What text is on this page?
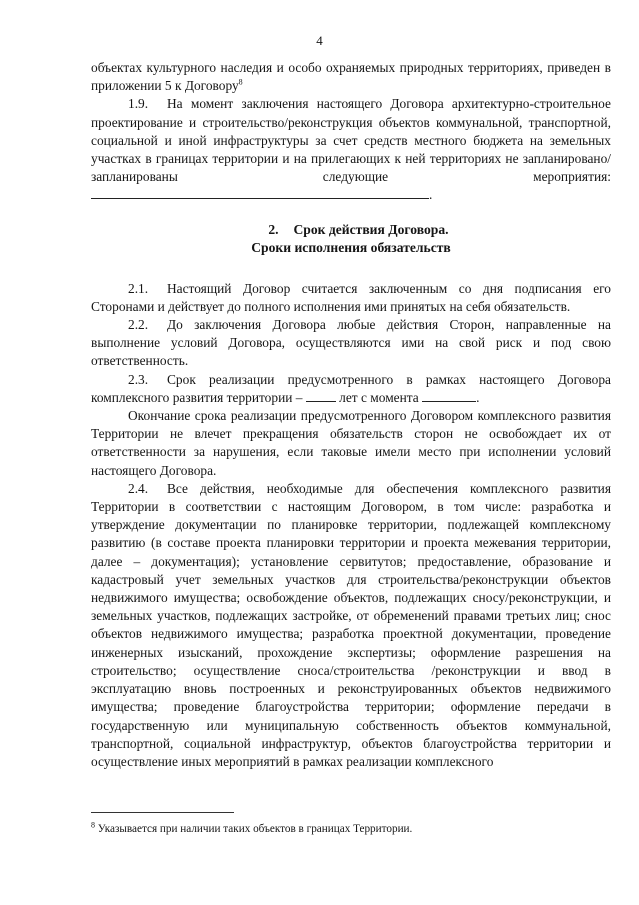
4

объектах культурного наследия и особо охраняемых природных территориях, приведен в приложении 5 к Договору$^8$

1.9. На момент заключения настоящего Договора архитектурно-строительное проектирование и строительство/реконструкция объектов коммунальной, транспортной, социальной и иной инфраструктуры за счет средств местного бюджета на земельных участках в границах территории и на прилегающих к ней территориях не запланировано/запланированы следующие мероприятия: .

2. Срок действия Договора.
Сроки исполнения обязательств

2.1. Настоящий Договор считается заключенным со дня подписания его Сторонами и действует до полного исполнения ими принятых на себя обязательств.

2.2. До заключения Договора любые действия Сторон, направленные на выполнение условий Договора, осуществляются ими на свой риск и под свою ответственность.

2.3. Срок реализации предусмотренного в рамках настоящего Договора комплексного развития территории –	лет с момента	.

Окончание срока реализации предусмотренного Договором комплексного развития Территории не влечет прекращения обязательств сторон не освобождает их от ответственности за нарушения, если таковые имели место при исполнении условий настоящего Договора.

2.4. Все действия, необходимые для обеспечения комплексного развития Территории в соответствии с настоящим Договором, в том числе: разработка и утверждение документации по планировке территории, подлежащей комплексному развитию (в составе проекта планировки территории и проекта межевания территории, далее – документация); установление сервитутов; предоставление, образование и кадастровый учет земельных участков для строительства/реконструкции объектов недвижимого имущества; освобождение объектов, подлежащих сносу/реконструкции, и земельных участков, подлежащих застройке, от обременений правами третьих лиц; снос объектов недвижимого имущества; разработка проектной документации, проведение инженерных изысканий, прохождение экспертизы; оформление разрешения на строительство; осуществление сноса/строительства /реконструкции и ввод в эксплуатацию вновь построенных и реконструированных объектов недвижимого имущества; проведение благоустройства территории; оформление передачи в государственную или муниципальную собственность объектов коммунальной, транспортной, социальной инфраструктур, объектов благоустройства территории и осуществление иных мероприятий в рамках реализации комплексного

$^8$ Указывается при наличии таких объектов в границах Территории.
